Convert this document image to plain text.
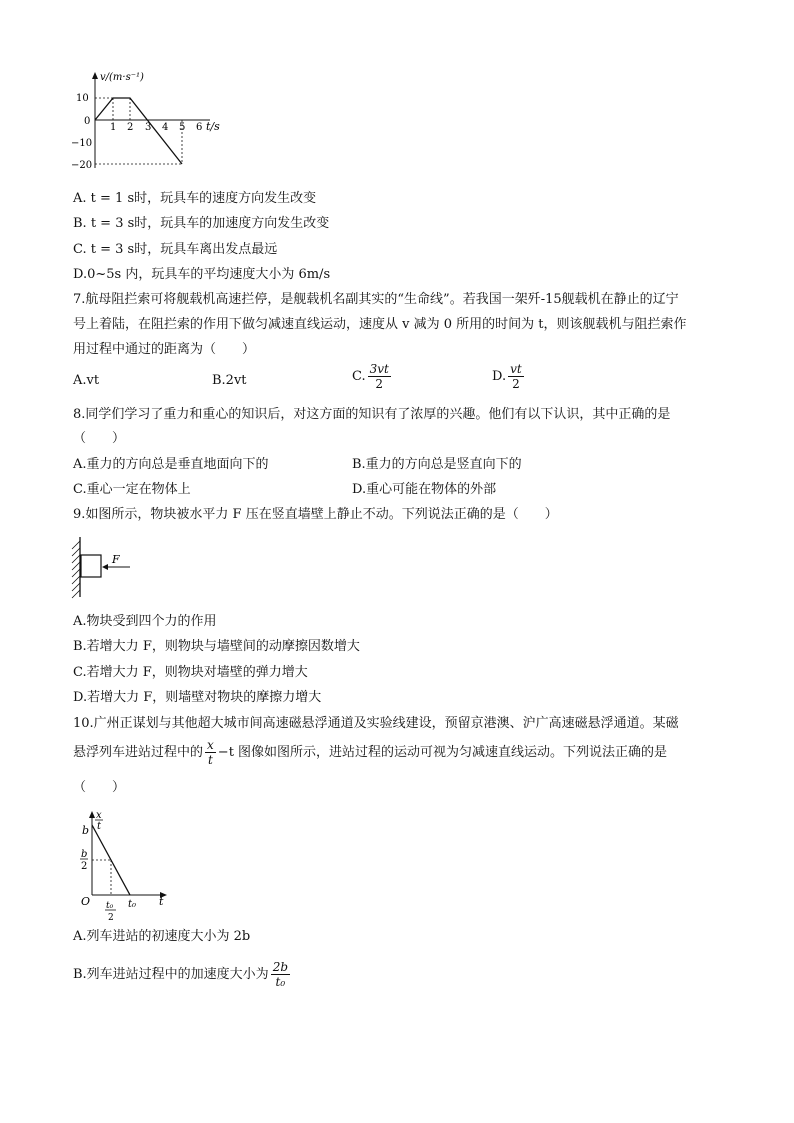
v/(m·s⁻¹)
t/s
10
0
−10
−20
1 2 3 4 5 6
A. t = 1 s时，玩具车的速度方向发生改变
B. t = 3 s时，玩具车的加速度方向发生改变
C. t = 3 s时，玩具车离出发点最远
D.0~5s 内，玩具车的平均速度大小为 6m/s
7.航母阻拦索可将舰载机高速拦停，是舰载机名副其实的“生命线”。若我国一架歼-15舰载机在静止的辽宁
号上着陆，在阻拦索的作用下做匀减速直线运动，速度从 v 减为 0 所用的时间为 t，则该舰载机与阻拦索作
用过程中通过的距离为（　　）
A.vt	B.2vt	C. $\frac{3vt}{2}$	D. $\frac{vt}{2}$
8.同学们学习了重力和重心的知识后，对这方面的知识有了浓厚的兴趣。他们有以下认识，其中正确的是
（　　）
A.重力的方向总是垂直地面向下的	B.重力的方向总是竖直向下的
C.重心一定在物体上	D.重心可能在物体的外部
9.如图所示，物块被水平力 F 压在竖直墙壁上静止不动。下列说法正确的是（　　）
F
A.物块受到四个力的作用
B.若增大力 F，则物块与墙壁间的动摩擦因数增大
C.若增大力 F，则物块对墙壁的弹力增大
D.若增大力 F，则墙壁对物块的摩擦力增大
10.广州正谋划与其他超大城市间高速磁悬浮通道及实验线建设，预留京港澳、沪广高速磁悬浮通道。某磁
悬浮列车进站过程中的 $\frac{x}{t} -t$ 图像如图所示，进站过程的运动可视为匀减速直线运动。下列说法正确的是
（　　）
x
t
b
b
2
O	t
t₀
t₀
2
A.列车进站的初速度大小为 2b
B.列车进站过程中的加速度大小为 $\frac{2b}{\text{t₀}}$
